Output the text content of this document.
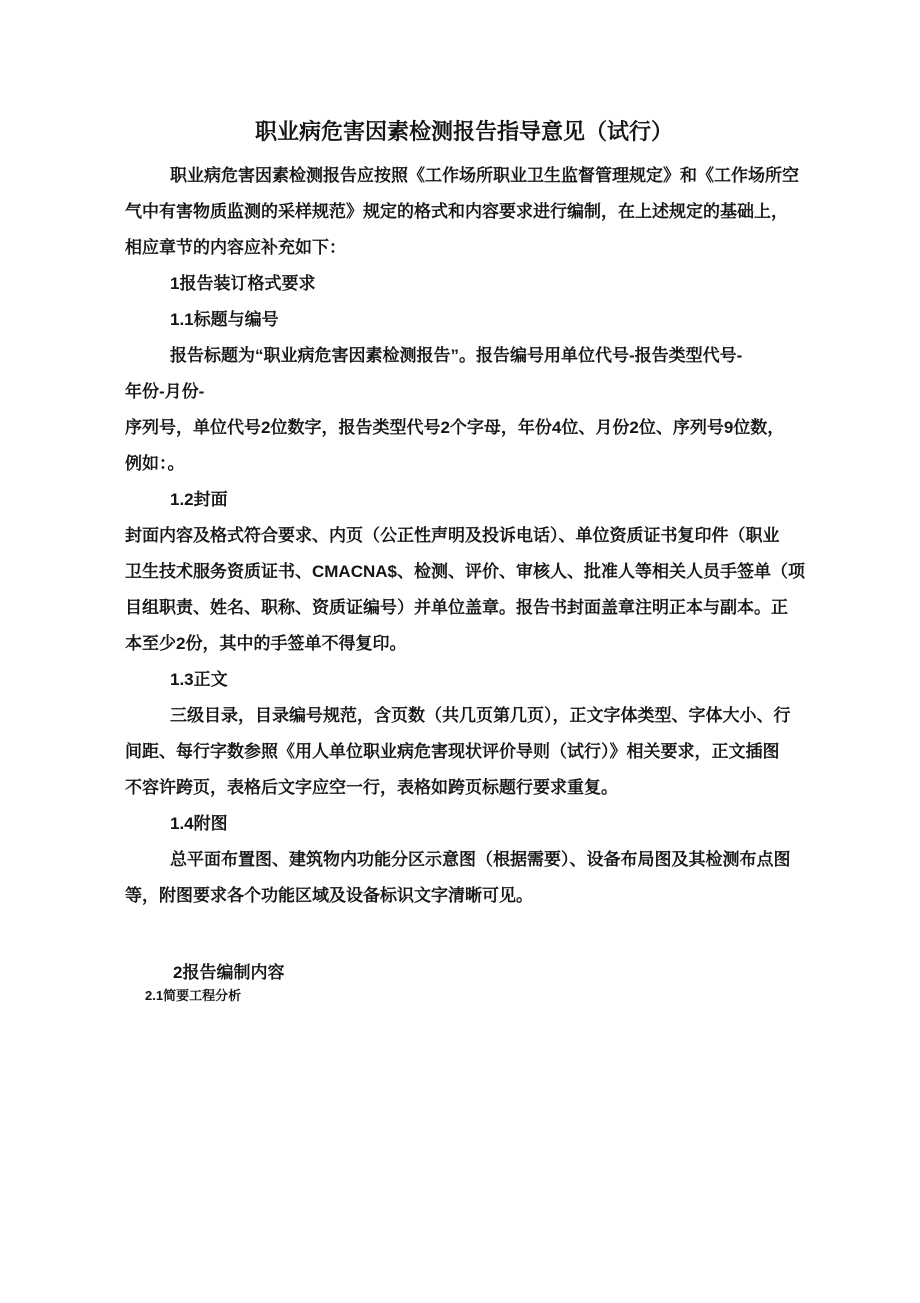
职业病危害因素检测报告指导意见（试行）
职业病危害因素检测报告应按照《工作场所职业卫生监督管理规定》和《工作场所空
气中有害物质监测的采样规范》规定的格式和内容要求进行编制，在上述规定的基础上，
相应章节的内容应补充如下：
1报告装订格式要求
1.1标题与编号
报告标题为“职业病危害因素检测报告”。报告编号用单位代号-报告类型代号-
年份-月份-
序列号，单位代号2位数字，报告类型代号2个字母，年份4位、月份2位、序列号9位数，
例如：。
1.2封面
封面内容及格式符合要求、内页（公正性声明及投诉电话）、单位资质证书复印件（职业
卫生技术服务资质证书、CMACNA$、检测、评价、审核人、批准人等相关人员手签单（项
目组职责、姓名、职称、资质证编号）并单位盖章。报告书封面盖章注明正本与副本。正
本至少2份，其中的手签单不得复印。
1.3正文
三级目录，目录编号规范，含页数（共几页第几页），正文字体类型、字体大小、行
间距、每行字数参照《用人单位职业病危害现状评价导则（试行）》相关要求，正文插图
不容许跨页，表格后文字应空一行，表格如跨页标题行要求重复。
1.4附图
总平面布置图、建筑物内功能分区示意图（根据需要）、设备布局图及其检测布点图
等，附图要求各个功能区域及设备标识文字清晰可见。
2报告编制内容
2.1简要工程分析
